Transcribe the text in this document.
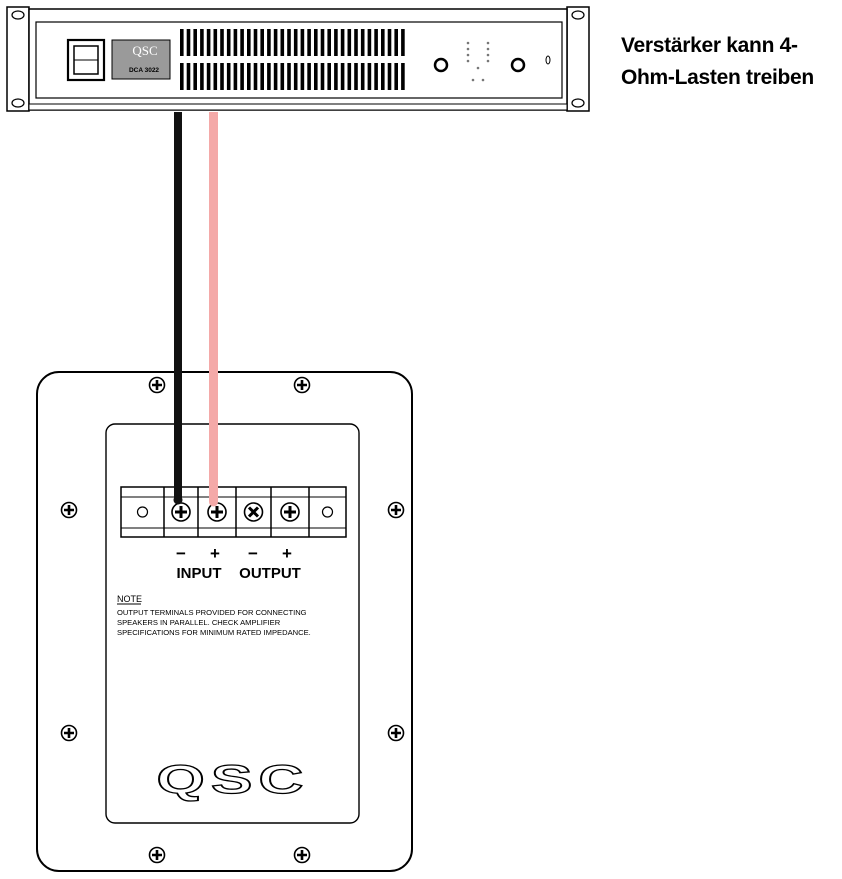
QSC
DCA 3022
− + − +
INPUT OUTPUT
NOTE
OUTPUT TERMINALS PROVIDED FOR CONNECTING
SPEAKERS IN PARALLEL. CHECK AMPLIFIER
SPECIFICATIONS FOR MINIMUM RATED IMPEDANCE.
QSC
Verstärker kann 4-
Ohm-Lasten treiben
